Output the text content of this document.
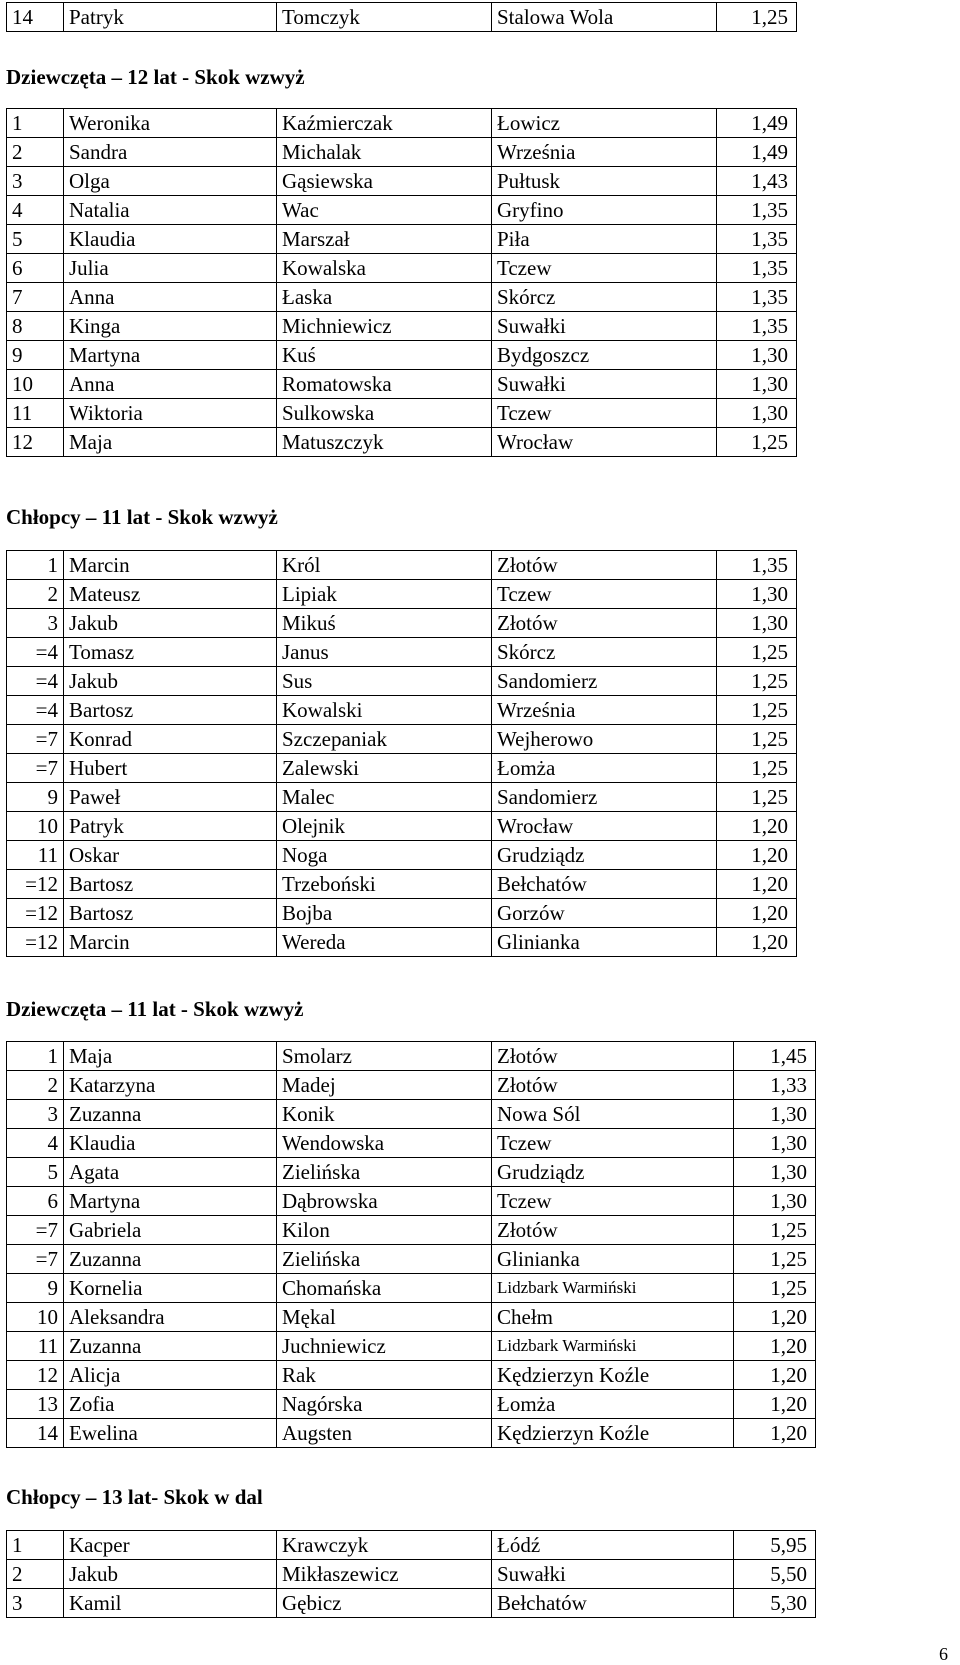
14	Patryk	Tomczyk	Stalowa Wola	1,25
Dziewczęta – 12 lat - Skok wzwyż
1	Weronika	Kaźmierczak	Łowicz	1,49
2	Sandra	Michalak	Września	1,49
3	Olga	Gąsiewska	Pułtusk	1,43
4	Natalia	Wac	Gryfino	1,35
5	Klaudia	Marszał	Piła	1,35
6	Julia	Kowalska	Tczew	1,35
7	Anna	Łaska	Skórcz	1,35
8	Kinga	Michniewicz	Suwałki	1,35
9	Martyna	Kuś	Bydgoszcz	1,30
10	Anna	Romatowska	Suwałki	1,30
11	Wiktoria	Sulkowska	Tczew	1,30
12	Maja	Matuszczyk	Wrocław	1,25
Chłopcy – 11 lat - Skok wzwyż
1	Marcin	Król	Złotów	1,35
2	Mateusz	Lipiak	Tczew	1,30
3	Jakub	Mikuś	Złotów	1,30
=4	Tomasz	Janus	Skórcz	1,25
=4	Jakub	Sus	Sandomierz	1,25
=4	Bartosz	Kowalski	Września	1,25
=7	Konrad	Szczepaniak	Wejherowo	1,25
=7	Hubert	Zalewski	Łomża	1,25
9	Paweł	Malec	Sandomierz	1,25
10	Patryk	Olejnik	Wrocław	1,20
11	Oskar	Noga	Grudziądz	1,20
=12	Bartosz	Trzeboński	Bełchatów	1,20
=12	Bartosz	Bojba	Gorzów	1,20
=12	Marcin	Wereda	Glinianka	1,20
Dziewczęta – 11 lat - Skok wzwyż
1	Maja	Smolarz	Złotów	1,45
2	Katarzyna	Madej	Złotów	1,33
3	Zuzanna	Konik	Nowa Sól	1,30
4	Klaudia	Wendowska	Tczew	1,30
5	Agata	Zielińska	Grudziądz	1,30
6	Martyna	Dąbrowska	Tczew	1,30
=7	Gabriela	Kilon	Złotów	1,25
=7	Zuzanna	Zielińska	Glinianka	1,25
9	Kornelia	Chomańska	Lidzbark Warmiński	1,25
10	Aleksandra	Mękal	Chełm	1,20
11	Zuzanna	Juchniewicz	Lidzbark Warmiński	1,20
12	Alicja	Rak	Kędzierzyn Koźle	1,20
13	Zofia	Nagórska	Łomża	1,20
14	Ewelina	Augsten	Kędzierzyn Koźle	1,20
Chłopcy – 13 lat- Skok w dal
1	Kacper	Krawczyk	Łódź	5,95
2	Jakub	Mikłaszewicz	Suwałki	5,50
3	Kamil	Gębicz	Bełchatów	5,30
6
